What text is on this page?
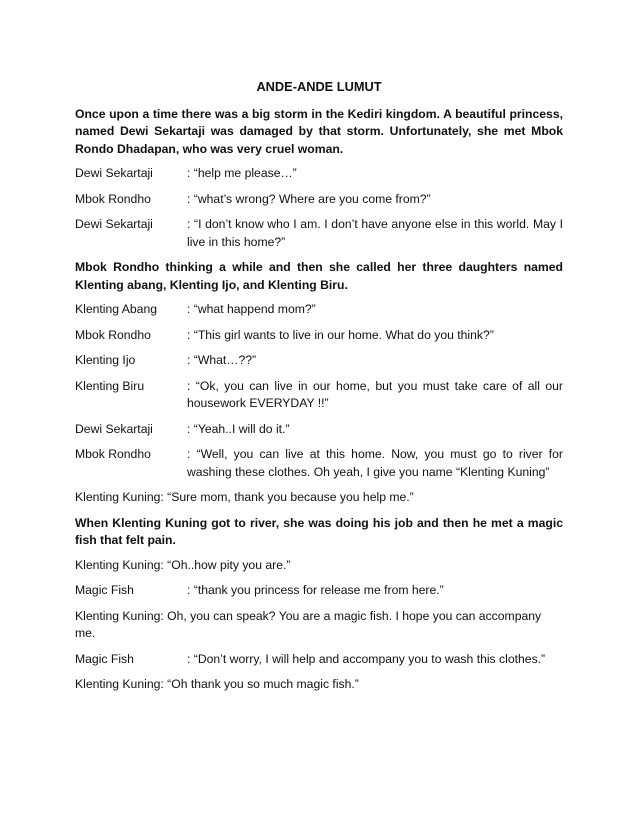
ANDE-ANDE LUMUT
Once upon a time there was a big storm in the Kediri kingdom. A beautiful princess, named Dewi Sekartaji was damaged by that storm. Unfortunately, she met Mbok Rondo Dhadapan, who was very cruel woman.
Dewi Sekartaji	: “help me please…”
Mbok Rondho	: “what’s wrong? Where are you come from?”
Dewi Sekartaji	: “I don’t know who I am. I don’t have anyone else in this world. May I live in this home?”
Mbok Rondho thinking a while and then she called her three daughters named Klenting abang, Klenting Ijo, and Klenting Biru.
Klenting Abang	: “what happend mom?”
Mbok Rondho	: “This girl wants to live in our home. What do you think?”
Klenting Ijo	: “What…??”
Klenting Biru	: “Ok, you can live in our home, but you must take care of all our housework EVERYDAY !!”
Dewi Sekartaji	: “Yeah..I will do it.”
Mbok Rondho	: “Well, you can live at this home. Now, you must go to river for washing these clothes. Oh yeah, I give you name “Klenting Kuning”
Klenting Kuning: “Sure mom, thank you because you help me.”
When Klenting Kuning got to river, she was doing his job and then he met a magic fish that felt pain.
Klenting Kuning: “Oh..how pity you are.”
Magic Fish	: “thank you princess for release me from here.”
Klenting Kuning: Oh, you can speak? You are a magic fish. I hope you can accompany me.
Magic Fish	: “Don’t worry, I will help and accompany you to wash this clothes.”
Klenting Kuning: “Oh thank you so much magic fish.”
